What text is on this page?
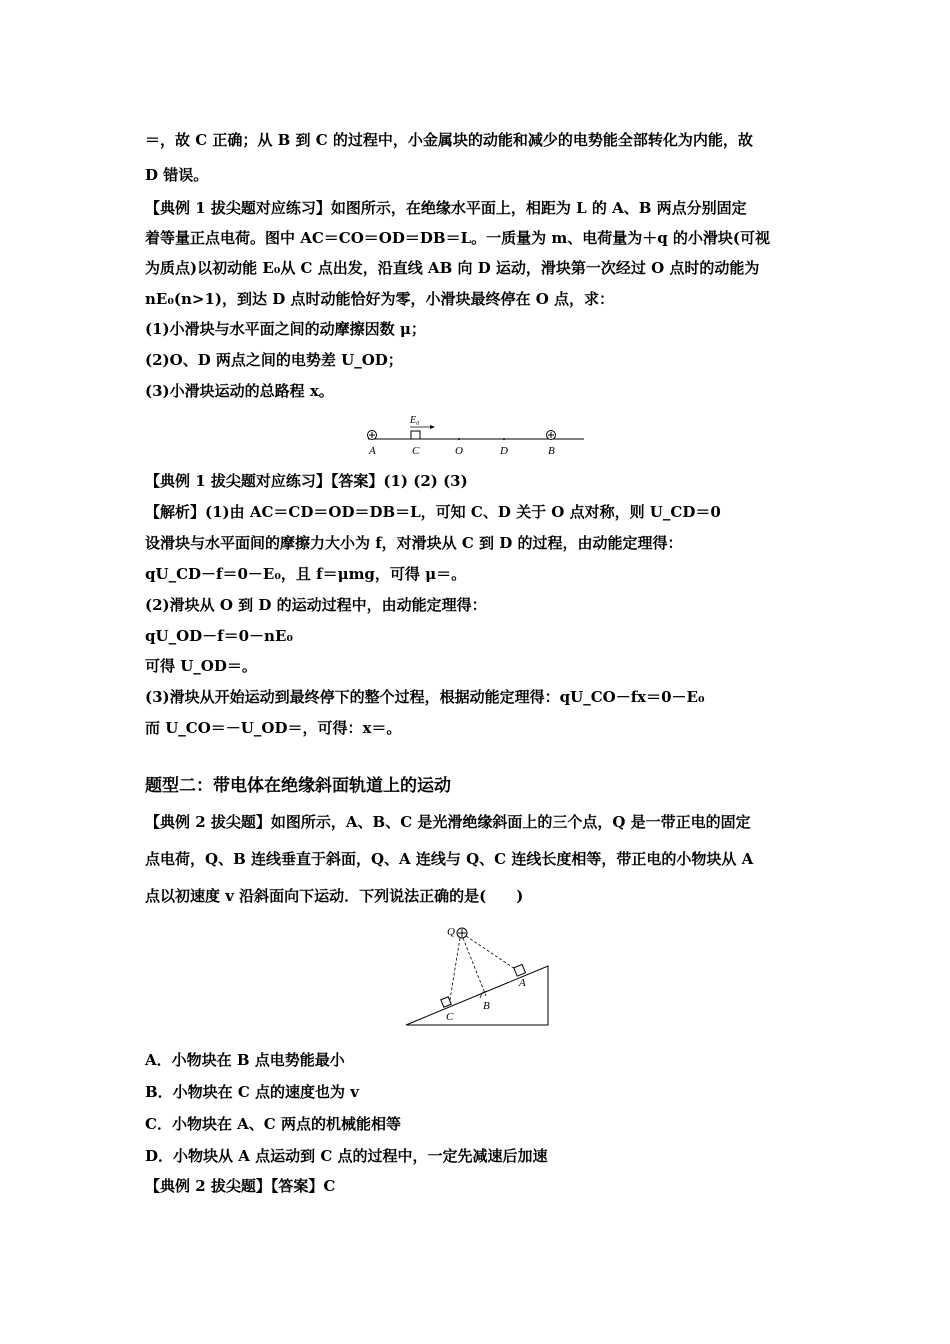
＝，故 C 正确；从 B 到 C 的过程中，小金属块的动能和减少的电势能全部转化为内能，故
D 错误。
【典例 1 拔尖题对应练习】如图所示，在绝缘水平面上，相距为 L 的 A、B 两点分别固定
着等量正点电荷。图中 AC＝CO＝OD＝DB＝L。一质量为 m、电荷量为＋q 的小滑块(可视
为质点)以初动能 E₀从 C 点出发，沿直线 AB 向 D 运动，滑块第一次经过 O 点时的动能为
nE₀(n>1)，到达 D 点时动能恰好为零，小滑块最终停在 O 点，求：
(1)小滑块与水平面之间的动摩擦因数 μ；
(2)O、D 两点之间的电势差 U_OD；
(3)小滑块运动的总路程 x。
E₀
A	C	O	D	B
【典例 1 拔尖题对应练习】【答案】(1) (2) (3)
【解析】(1)由 AC＝CD＝OD＝DB＝L，可知 C、D 关于 O 点对称，则 U_CD＝0
设滑块与水平面间的摩擦力大小为 f，对滑块从 C 到 D 的过程，由动能定理得：
qU_CD－f＝0－E₀，且 f＝μmg，可得 μ＝。
(2)滑块从 O 到 D 的运动过程中，由动能定理得：
qU_OD－f＝0－nE₀
可得 U_OD＝。
(3)滑块从开始运动到最终停下的整个过程，根据动能定理得：qU_CO－fx＝0－E₀
而 U_CO＝－U_OD＝，可得：x＝。
题型二：带电体在绝缘斜面轨道上的运动
【典例 2 拔尖题】如图所示，A、B、C 是光滑绝缘斜面上的三个点，Q 是一带正电的固定
点电荷，Q、B 连线垂直于斜面，Q、A 连线与 Q、C 连线长度相等，带正电的小物块从 A
点以初速度 v 沿斜面向下运动．下列说法正确的是(　　)
Q
A
B
C
A．小物块在 B 点电势能最小
B．小物块在 C 点的速度也为 v
C．小物块在 A、C 两点的机械能相等
D．小物块从 A 点运动到 C 点的过程中，一定先减速后加速
【典例 2 拔尖题】【答案】C
